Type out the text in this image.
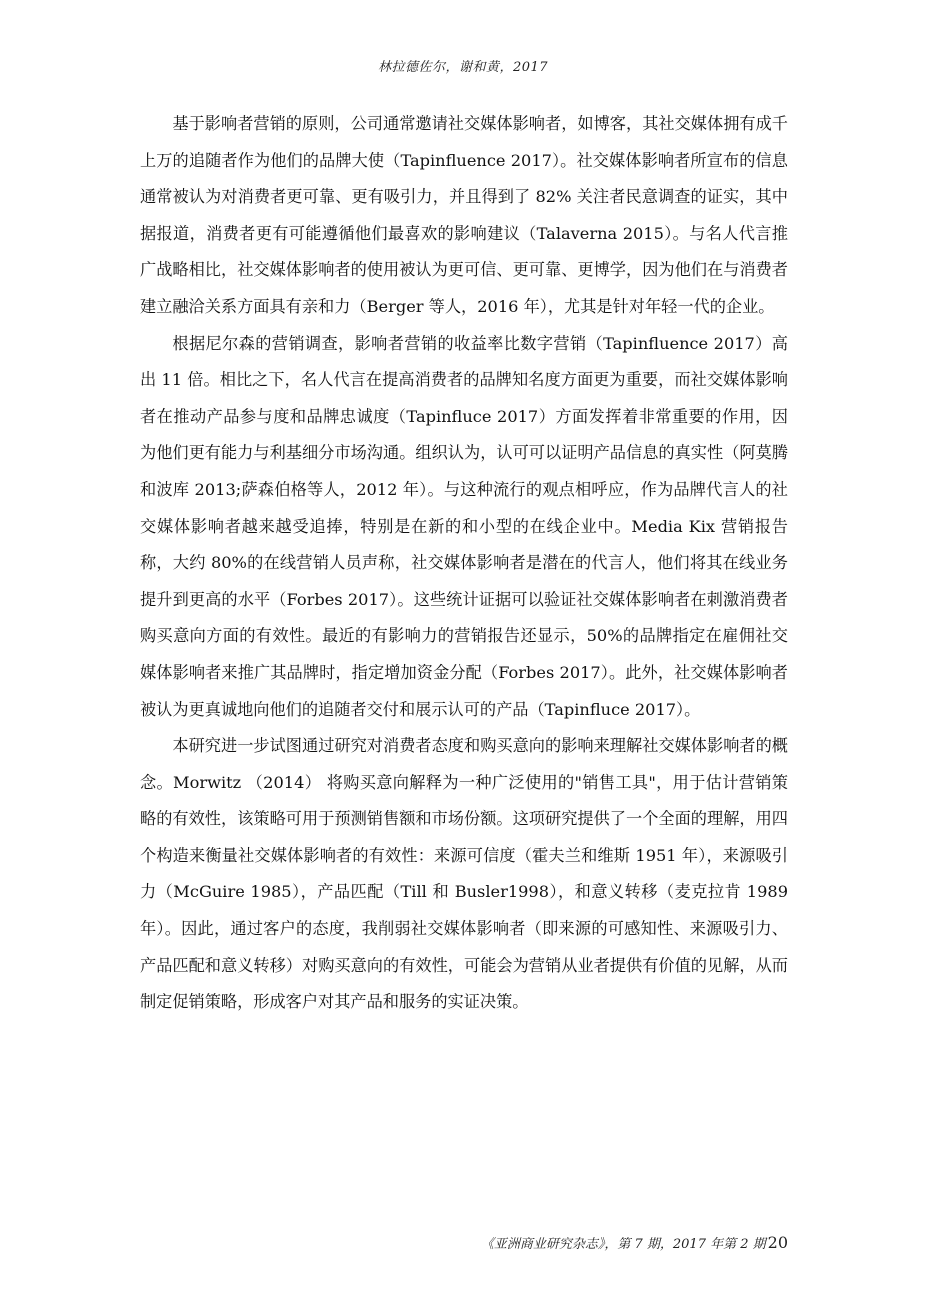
林拉德佐尔，谢和黄，2017

基于影响者营销的原则，公司通常邀请社交媒体影响者，如博客，其社交媒体拥有成千上万的追随者作为他们的品牌大使（Tapinfluence 2017）。社交媒体影响者所宣布的信息通常被认为对消费者更可靠、更有吸引力，并且得到了 82% 关注者民意调查的证实，其中据报道，消费者更有可能遵循他们最喜欢的影响建议（Talaverna 2015）。与名人代言推广战略相比，社交媒体影响者的使用被认为更可信、更可靠、更博学，因为他们在与消费者建立融洽关系方面具有亲和力（Berger 等人，2016 年），尤其是针对年轻一代的企业。

根据尼尔森的营销调查，影响者营销的收益率比数字营销（Tapinfluence 2017）高出 11 倍。相比之下，名人代言在提高消费者的品牌知名度方面更为重要，而社交媒体影响者在推动产品参与度和品牌忠诚度（Tapinfluce 2017）方面发挥着非常重要的作用，因为他们更有能力与利基细分市场沟通。组织认为，认可可以证明产品信息的真实性（阿莫腾和波库 2013;萨森伯格等人，2012 年）。与这种流行的观点相呼应，作为品牌代言人的社交媒体影响者越来越受追捧，特别是在新的和小型的在线企业中。Media Kix 营销报告称，大约 80%的在线营销人员声称，社交媒体影响者是潜在的代言人，他们将其在线业务提升到更高的水平（Forbes 2017）。这些统计证据可以验证社交媒体影响者在刺激消费者购买意向方面的有效性。最近的有影响力的营销报告还显示，50%的品牌指定在雇佣社交媒体影响者来推广其品牌时，指定增加资金分配（Forbes 2017）。此外，社交媒体影响者被认为更真诚地向他们的追随者交付和展示认可的产品（Tapinfluce 2017）。

本研究进一步试图通过研究对消费者态度和购买意向的影响来理解社交媒体影响者的概念。Morwitz （2014） 将购买意向解释为一种广泛使用的"销售工具"，用于估计营销策略的有效性，该策略可用于预测销售额和市场份额。这项研究提供了一个全面的理解，用四个构造来衡量社交媒体影响者的有效性：来源可信度（霍夫兰和维斯 1951 年），来源吸引力（McGuire 1985），产品匹配（Till 和 Busler1998），和意义转移（麦克拉肯 1989 年）。因此，通过客户的态度，我削弱社交媒体影响者（即来源的可感知性、来源吸引力、产品匹配和意义转移）对购买意向的有效性，可能会为营销从业者提供有价值的见解，从而制定促销策略，形成客户对其产品和服务的实证决策。

《亚洲商业研究杂志》，第 7 期，2017 年第 2 期 20
